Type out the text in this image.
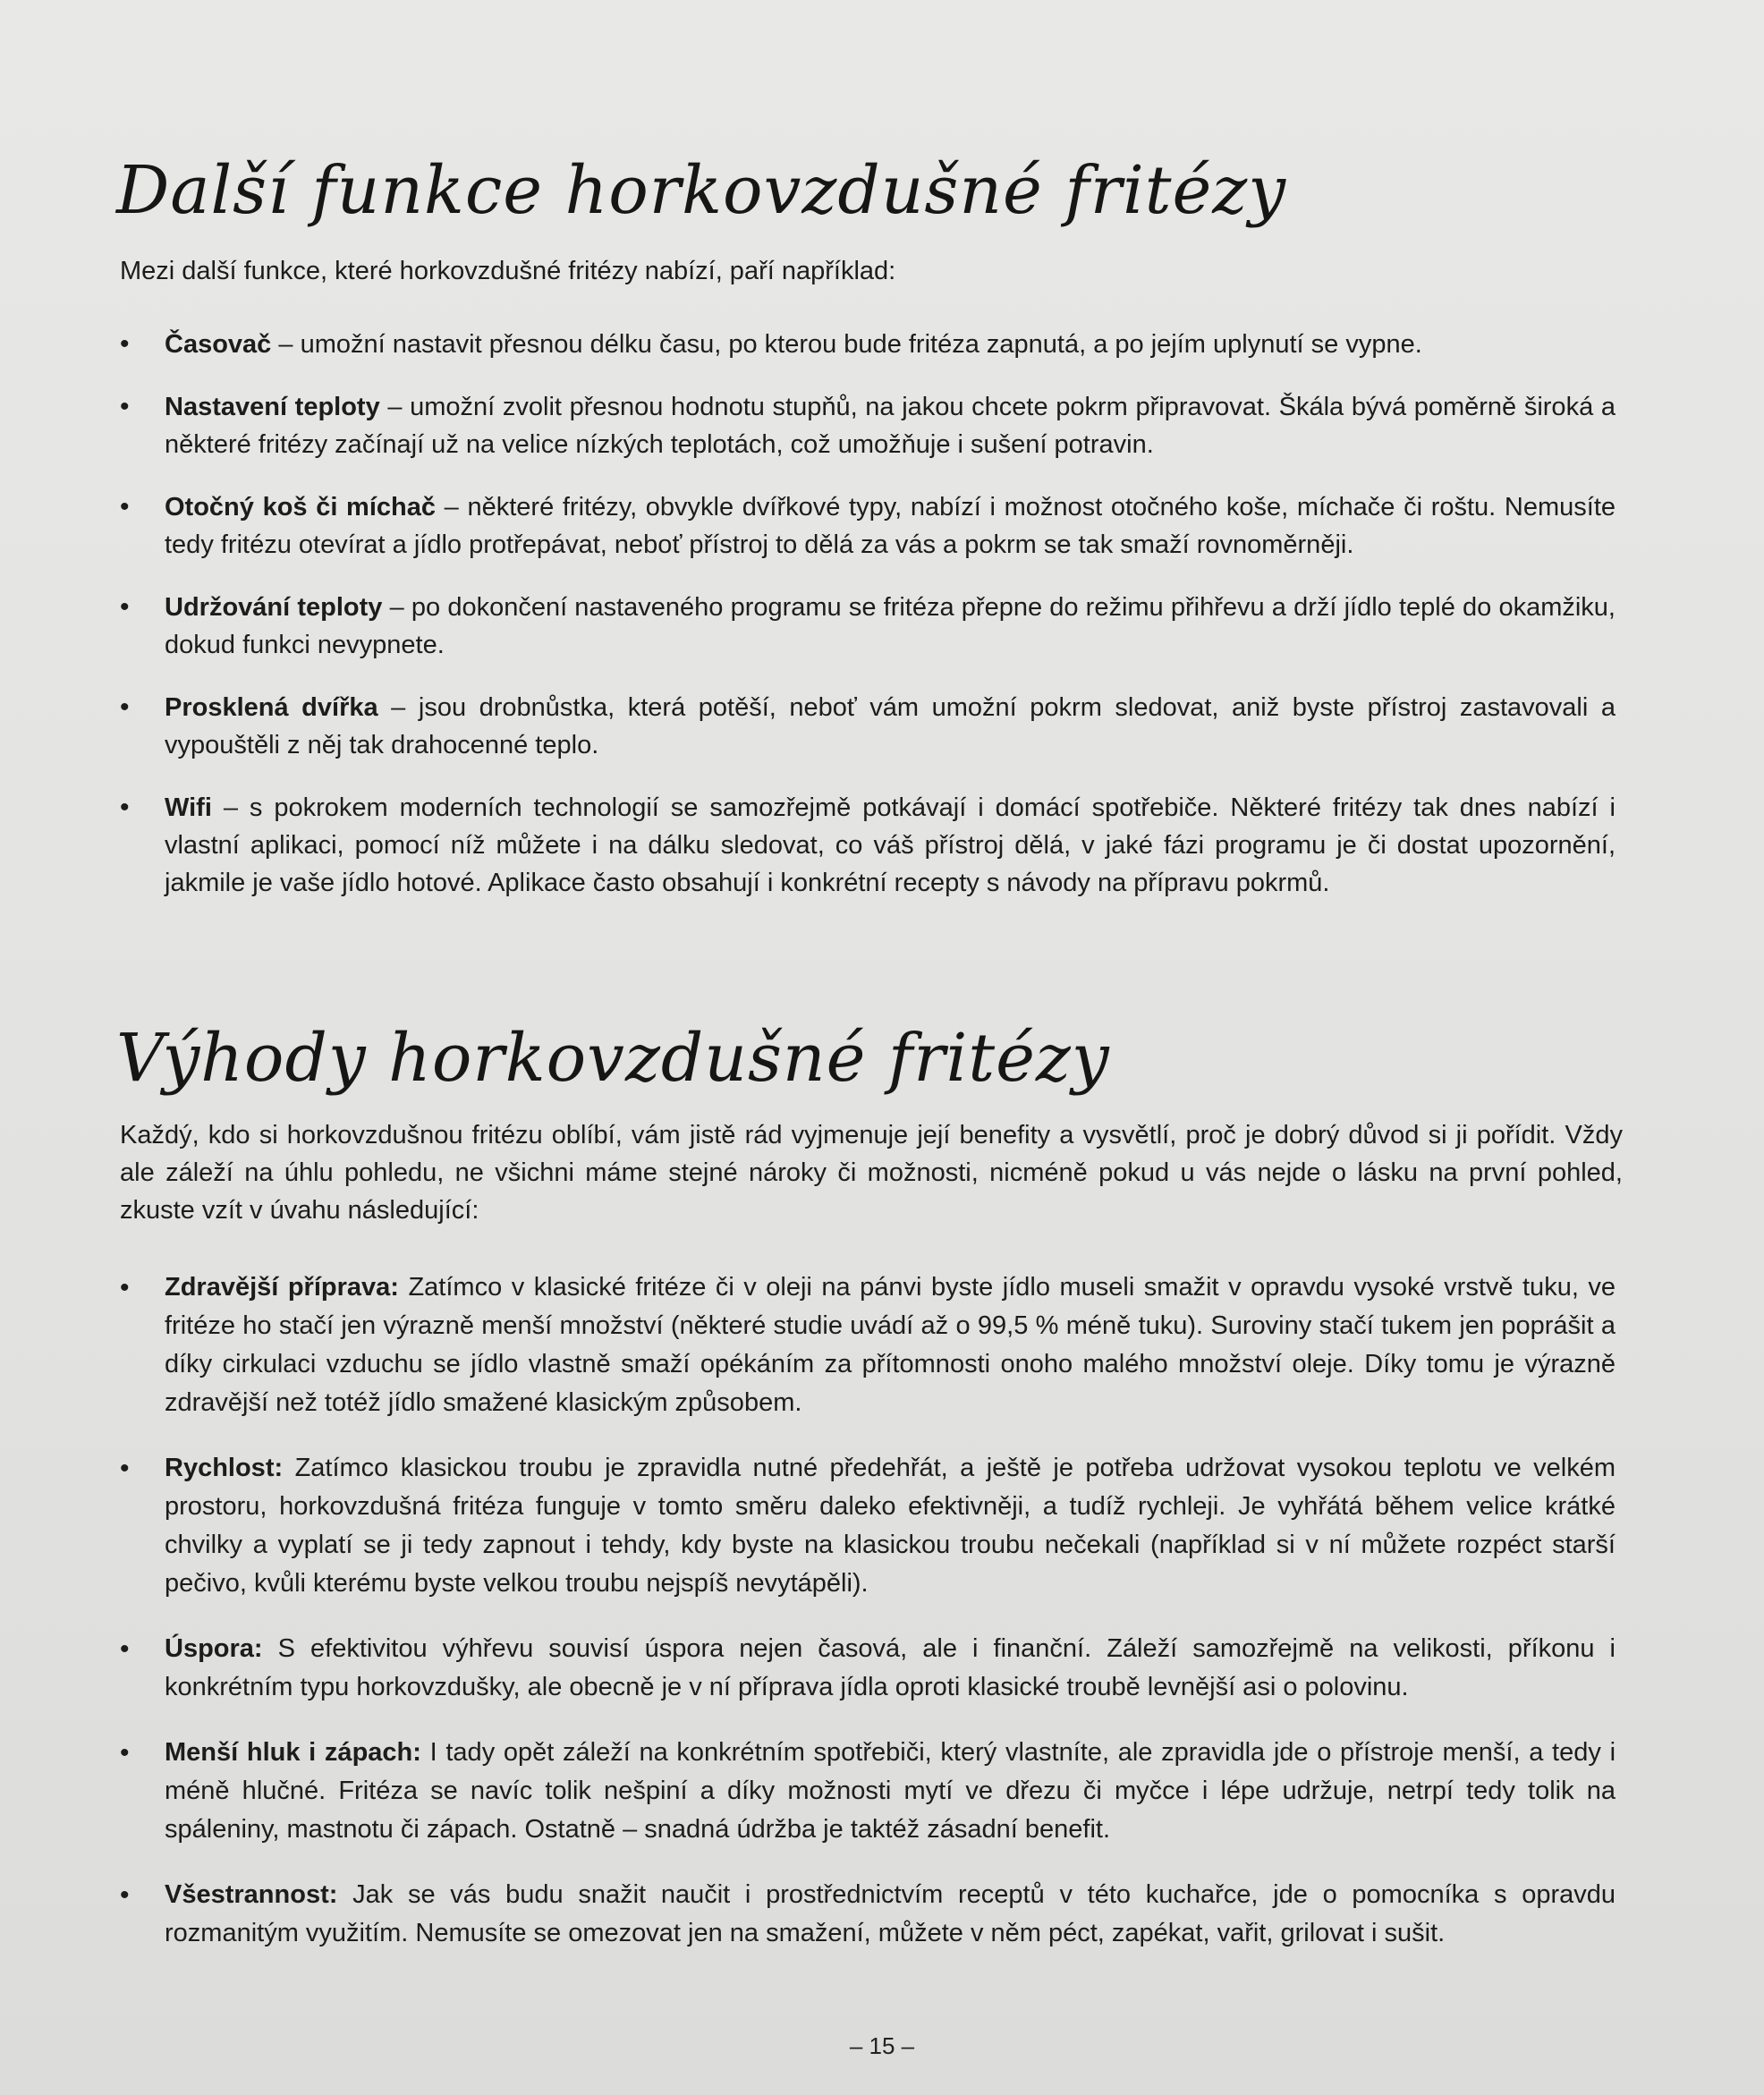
Další funkce horkovzdušné fritézy

Mezi další funkce, které horkovzdušné fritézy nabízí, paří například:

• Časovač – umožní nastavit přesnou délku času, po kterou bude fritéza zapnutá, a po jejím uplynutí se vypne.
• Nastavení teploty – umožní zvolit přesnou hodnotu stupňů, na jakou chcete pokrm připravovat. Škála bývá poměrně široká a některé fritézy začínají už na velice nízkých teplotách, což umožňuje i sušení potravin.
• Otočný koš či míchač – některé fritézy, obvykle dvířkové typy, nabízí i možnost otočného koše, míchače či roštu. Nemusíte tedy fritézu otevírat a jídlo protřepávat, neboť přístroj to dělá za vás a pokrm se tak smaží rovnoměrněji.
• Udržování teploty – po dokončení nastaveného programu se fritéza přepne do režimu přihřevu a drží jídlo teplé do okamžiku, dokud funkci nevypnete.
• Prosklená dvířka – jsou drobnůstka, která potěší, neboť vám umožní pokrm sledovat, aniž byste přístroj zastavovali a vypouštěli z něj tak drahocenné teplo.
• Wifi – s pokrokem moderních technologií se samozřejmě potkávají i domácí spotřebiče. Některé fritézy tak dnes nabízí i vlastní aplikaci, pomocí níž můžete i na dálku sledovat, co váš přístroj dělá, v jaké fázi programu je či dostat upozornění, jakmile je vaše jídlo hotové. Aplikace často obsahují i konkrétní recepty s návody na přípravu pokrmů.
Výhody horkovzdušné fritézy

Každý, kdo si horkovzdušnou fritézu oblíbí, vám jistě rád vyjmenuje její benefity a vysvětlí, proč je dobrý důvod si ji pořídit. Vždy ale záleží na úhlu pohledu, ne všichni máme stejné nároky či možnosti, nicméně pokud u vás nejde o lásku na první pohled, zkuste vzít v úvahu následující:

• Zdravější příprava: Zatímco v klasické fritéze či v oleji na pánvi byste jídlo museli smažit v opravdu vysoké vrstvě tuku, ve fritéze ho stačí jen výrazně menší množství (některé studie uvádí až o 99,5 % méně tuku). Suroviny stačí tukem jen poprášit a díky cirkulaci vzduchu se jídlo vlastně smaží opékáním za přítomnosti onoho malého množství oleje. Díky tomu je výrazně zdravější než totéž jídlo smažené klasickým způsobem.
• Rychlost: Zatímco klasickou troubu je zpravidla nutné předehřát, a ještě je potřeba udržovat vysokou teplotu ve velkém prostoru, horkovzdušná fritéza funguje v tomto směru daleko efektivněji, a tudíž rychleji. Je vyhřátá během velice krátké chvilky a vyplatí se ji tedy zapnout i tehdy, kdy byste na klasickou troubu nečekali (například si v ní můžete rozpéct starší pečivo, kvůli kterému byste velkou troubu nejspíš nevytápěli).
• Úspora: S efektivitou výhřevu souvisí úspora nejen časová, ale i finanční. Záleží samozřejmě na velikosti, příkonu i konkrétním typu horkovzdušky, ale obecně je v ní příprava jídla oproti klasické troubě levnější asi o polovinu.
• Menší hluk i zápach: I tady opět záleží na konkrétním spotřebiči, který vlastníte, ale zpravidla jde o přístroje menší, a tedy i méně hlučné. Fritéza se navíc tolik nešpiní a díky možnosti mytí ve dřezu či myčce i lépe udržuje, netrpí tedy tolik na spáleniny, mastnotu či zápach. Ostatně – snadná údržba je taktéž zásadní benefit.
• Všestrannost: Jak se vás budu snažit naučit i prostřednictvím receptů v této kuchařce, jde o pomocníka s opravdu rozmanitým využitím. Nemusíte se omezovat jen na smažení, můžete v něm péct, zapékat, vařit, grilovat i sušit.
– 15 –
